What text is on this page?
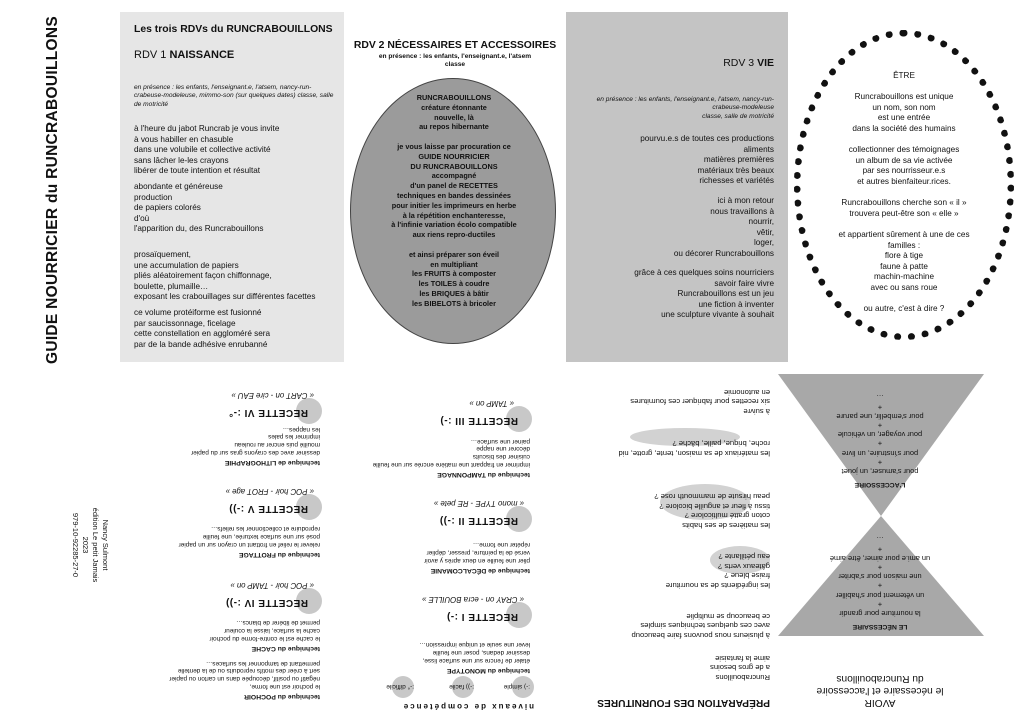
GUIDE NOURRICIER du RUNCRABOUILLONS
Nancy Sulmont
édition Le petit Jamais
2023
979-10-92285-27-0
Les trois RDVs du RUNCRABOUILLONS
RDV 1 NAISSANCE
en présence : les enfants, l'enseignant.e, l'atsem, nancy-run-crabeuse-modeleuse, mimmo-son (sur quelques dates) classe, salle de motricité
à l'heure du jabot Runcrab je vous invite
à vous habiller en chasuble
dans une volubile et collective activité
sans lâcher le-les crayons
libérer de toute intention et résultat
abondante et généreuse
production
de papiers colorés
d'où
l'apparition du, des Runcrabouillons
prosaïquement,
une accumulation de papiers
pliés aléatoirement façon chiffonnage,
boulette, plumaille…
exposant les crabouillages sur différentes facettes
ce volume protéiforme est fusionné
par saucissonnage, ficelage
cette constellation en aggloméré sera
par de la bande adhésive enrubanné
RDV 2 NÉCESSAIRES ET ACCESSOIRES
en présence : les enfants, l'enseignant.e, l'atsem
classe
RUNCRABOUILLONS
créature étonnante
nouvelle, là
au repos hibernante

je vous laisse par procuration ce
GUIDE NOURRICIER
DU RUNCRABOUILLONS
accompagné
d'un panel de RECETTES
techniques en bandes dessinées
pour initier les imprimeurs en herbe
à la répétition enchanteresse,
à l'infinie variation écolo compatible
aux riens repro-ductiles

et ainsi préparer son éveil
en multipliant
les FRUITS à composter
les TOILES à coudre
les BRIQUES à bâtir
les BIBELOTS à bricoler
RDV 3 VIE
en présence : les enfants, l'enseignant.e, l'atsem, nancy-run-crabeuse-modeleuse
classe, salle de motricité
pourvu.e.s de toutes ces productions
aliments
matières premières
matériaux très beaux
richesses et variétés
ici à mon retour
nous travaillons à
nourrir,
vêtir,
loger,
ou décorer Runcrabouillons
grâce à ces quelques soins nourriciers
savoir faire vivre
Runcrabouillons est un jeu
une fiction à inventer
une sculpture vivante à souhait
ÊTRE

Runcrabouillons est unique
un nom, son nom
est une entrée
dans la société des humains

collectionner des témoignages
un album de sa vie activée
par ses nourrisseur.e.s
et autres bienfaiteur.rices.

Runcrabouillons cherche son « il »
trouvera peut-être son « elle »

et appartient sûrement à une de ces
familles :
flore à tige
faune à patte
machin-machine
avec ou sans roue

ou autre, c'est à dire ?
AVOIR
le nécessaire et l'accessoire
du Runcrabouillons
LE NÉCESSAIRE
la nourriture pour grandir
+
un vêtement pour s'habiller
+
une maison pour s'abriter
+
un ami.e pour aimer, être aimé
+
…
L'ACCESSOIRE
pour s'amuser, un jouet
+
pour s'instruire, un livre
+
pour voyager, un véhicule
+
pour s'embellir, une parure
+
…
PRÉPARATION DES FOURNITURES
Runcrabouillons
a de gros besoins
aime la fantaisie
à plusieurs nous pouvons faire beaucoup
avec ces quelques techniques simples
ce beaucoup se multiplie
les ingrédients de sa nourriture
fraise bleue ?
gâteaux verts ?
eau pétillante ?
les matières de ses habits
coton gratté multicolore ?
tissu à fleur et anguille bicolore ?
peau hirsute de mammouth rose ?
les matériaux de sa maison, tente, grotte, nid
roche, brique, paille, bâche ?
à suivre
six recettes pour fabriquer ces fournitures
en autonomie
technique du MONOTYPE
étaler de l'encre sur une surface lisse,
dessiner dedans, poser une feuille
lever une seule et unique impression…
RECETTE I :-)
« CRAY on - ecra BOUILLE »
technique de DÉCALCOMANIE
plier une feuille en deux après y avoir
versé de la peinture, presser, déplier
répéter une forme…
RECETTE II :-))
« mono TYPE - RE pete »
technique du TAMPONNAGE
imprimer en frappant une matière encrée sur une feuille
cuisiner des biscuits
décorer une nappe
painer une surface…
RECETTE III :-)
« TAMP on »
niveaux de compétence
:-) simple
:-)) facile
:-° difficile
technique du POCHOIR
le pochoir est une forme,
négatif ou positif, découpée dans un carton ou papier
sert à créer des motifs reproduits ou de la dentelle
permettant de tamponner les surfaces…
technique du CACHE
le cache est le contre-forme du pochoir
cache la surface, laisse la couleur
permet de libérer de blancs…
RECETTE IV :-))
« POC hoir - TAMP on »
technique du FROTTAGE
relever le relief en frottant un crayon sur un papier
posé sur une surface texturée, une feuille
reproduire et collectionner les reliefs…
RECETTE V :-))
« POC hoir - FROT age »
technique de LITHOGRAPHIE
dessiner avec des crayons gras sur du papier
mouillé puis encrer au rouleau
imprimer les pales
les nappes…
RECETTE VI :-°
« CART on - cire EAU »
